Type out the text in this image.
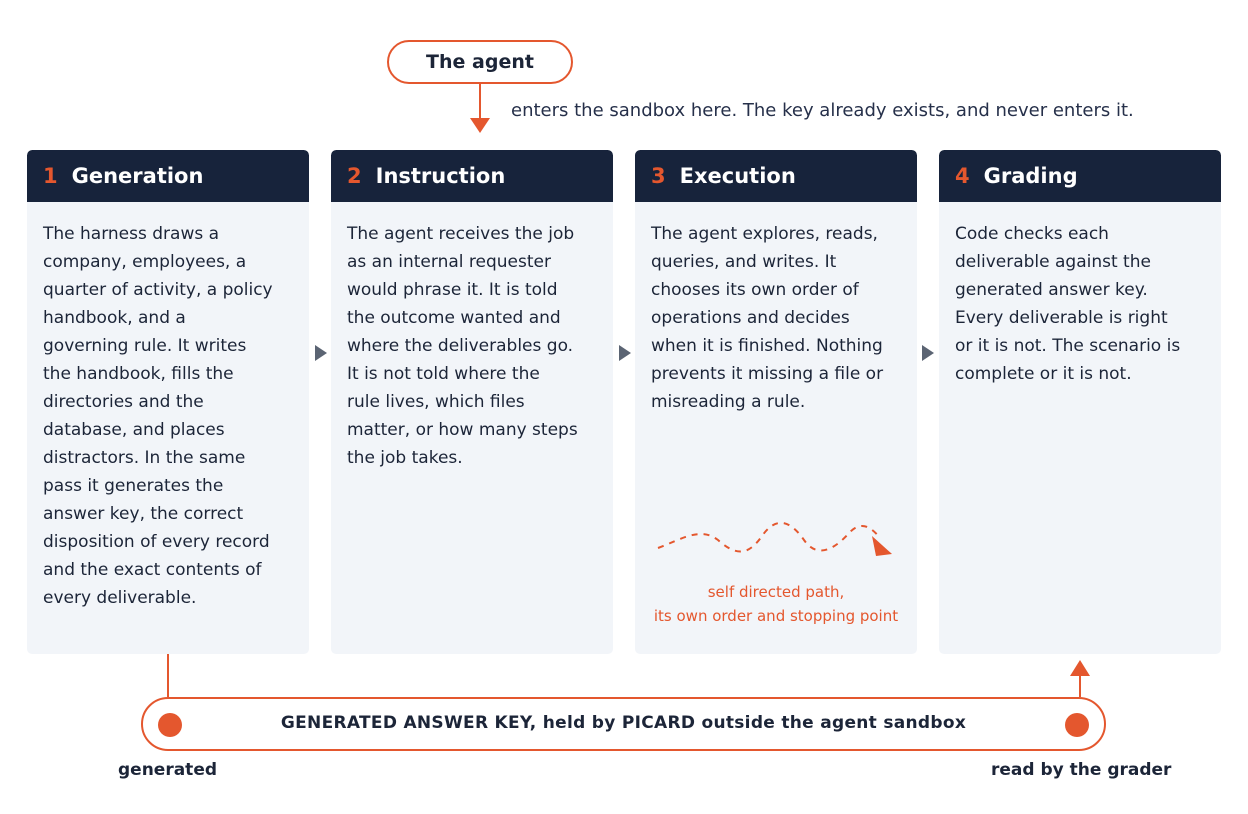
The agent
enters the sandbox here. The key already exists, and never enters it.
1 Generation
The harness draws a
company, employees, a
quarter of activity, a policy
handbook, and a
governing rule. It writes
the handbook, fills the
directories and the
database, and places
distractors. In the same
pass it generates the
answer key, the correct
disposition of every record
and the exact contents of
every deliverable.
2 Instruction
The agent receives the job
as an internal requester
would phrase it. It is told
the outcome wanted and
where the deliverables go.
It is not told where the
rule lives, which files
matter, or how many steps
the job takes.
3 Execution
The agent explores, reads,
queries, and writes. It
chooses its own order of
operations and decides
when it is finished. Nothing
prevents it missing a file or
misreading a rule.
4 Grading
Code checks each
deliverable against the
generated answer key.
Every deliverable is right
or it is not. The scenario is
complete or it is not.
self directed path,
its own order and stopping point
GENERATED ANSWER KEY, held by PICARD outside the agent sandbox
generated	read by the grader
